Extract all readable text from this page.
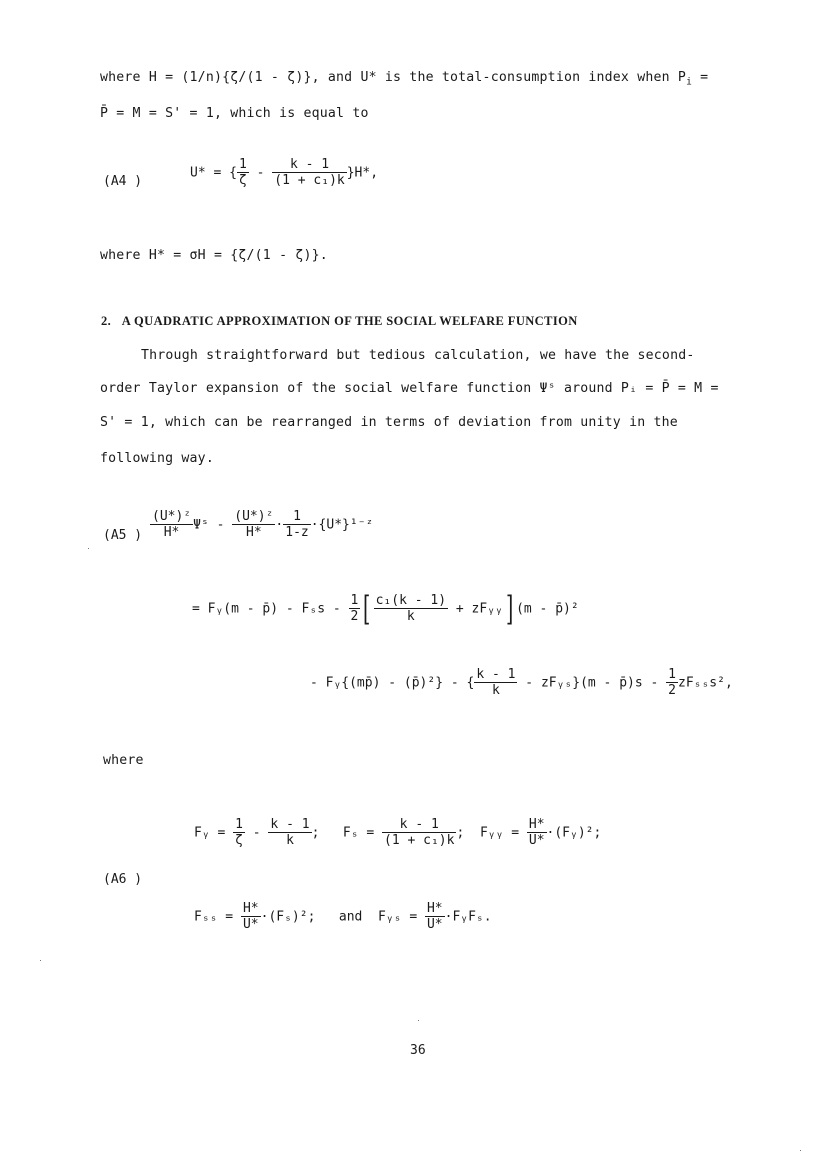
where H = (1/n){ζ/(1 - ζ)}, and U* is the total-consumption index when $P_i$ =
P̄ = M = S' = 1, which is equal to
(A4 )
U* = { $\frac{1}{\zeta} - \frac{k - 1}{\text{(1 + c₁)k}} \}H*$,
where H* = σH = {ζ/(1 - ζ)}.
2. A QUADRATIC APPROXIMATION OF THE SOCIAL WELFARE FUNCTION
Through straightforward but tedious calculation, we have the second-
order Taylor expansion of the social welfare function Ψˢ around Pᵢ = P̄ = M =
S' = 1, which can be rearranged in terms of deviation from unity in the
following way.
(A5 ) $\frac{\text{(U*)ᶻ}}{H*}$ Ψˢ - $\frac{\text{(U*)ᶻ}}{H*} \cdot \frac{1}{1-z}$ ·{U*}¹⁻ᶻ
= Fᵧ(m - p̄) - Fₛs - $\frac{1}{2}$ [ $\frac{\text{c₁(k - 1)}}{k}$ + zFᵧᵧ] (m - p̄)²
- Fᵧ{(mp̄) - (p̄)²} - { $\frac{k - 1}{k}$ - zFᵧₛ}(m - p̄)s - $\frac{1}{2} zF_{ss}s^2$,
where
(A6 )
Fᵧ = $\frac{1}{\zeta} - \frac{k - 1}{k}$ ; $F_s = \frac{k - 1}{\text{(1 + c₁)k}}$ ; Fᵧᵧ = $\frac{H*}{U*}$ ·(Fᵧ)²;
$F_{ss} = \frac{H*}{U*} \cdot(F_s)^2$; and Fᵧₛ = $\frac{H*}{U*}$ ·FᵧFₛ.
36
